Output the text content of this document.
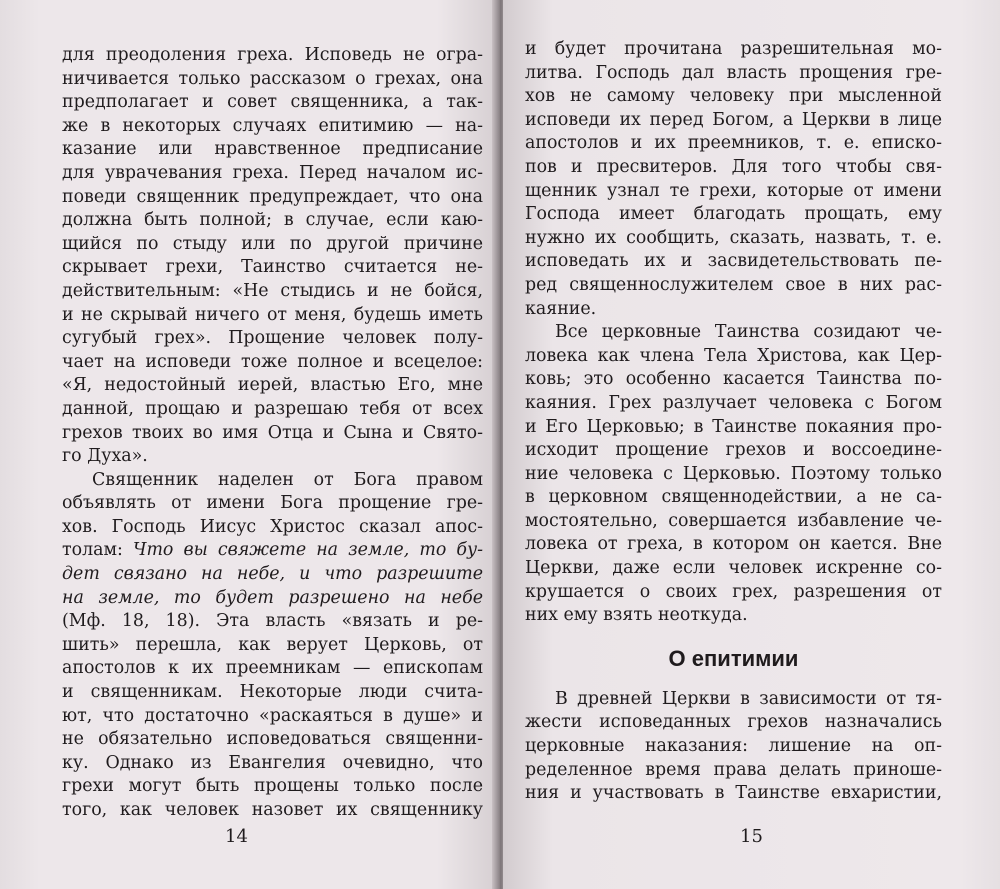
для преодоления греха. Исповедь не огра-

ничивается только рассказом о грехах, она

предполагает и совет священника, а так-

же в некоторых случаях епитимию — на-

казание или нравственное предписание

для уврачевания греха. Перед началом ис-

поведи священник предупреждает, что она

должна быть полной; в случае, если каю-

щийся по стыду или по другой причине

скрывает грехи, Таинство считается не-

действительным: «Не стыдись и не бойся,

и не скрывай ничего от меня, будешь иметь

сугубый грех». Прощение человек полу-

чает на исповеди тоже полное и всецелое:

«Я, недостойный иерей, властью Его, мне

данной, прощаю и разрешаю тебя от всех

грехов твоих во имя Отца и Сына и Свято-

го Духа».

Священник наделен от Бога правом

объявлять от имени Бога прощение гре-

хов. Господь Иисус Христос сказал апос-

толам: Что вы свяжете на земле, то бу-

дет связано на небе, и что разрешите

на земле, то будет разрешено на небе

(Мф. 18, 18). Эта власть «вязать и ре-

шить» перешла, как верует Церковь, от

апостолов к их преемникам — епископам

и священникам. Некоторые люди счита-

ют, что достаточно «раскаяться в душе» и

не обязательно исповедоваться священни-

ку. Однако из Евангелия очевидно, что

грехи могут быть прощены только после

того, как человек назовет их священнику

14

и будет прочитана разрешительная мо-

литва. Господь дал власть прощения гре-

хов не самому человеку при мысленной

исповеди их перед Богом, а Церкви в лице

апостолов и их преемников, т. е. еписко-

пов и пресвитеров. Для того чтобы свя-

щенник узнал те грехи, которые от имени

Господа имеет благодать прощать, ему

нужно их сообщить, сказать, назвать, т. е.

исповедать их и засвидетельствовать пе-

ред священнослужителем свое в них рас-

каяние.

Все церковные Таинства созидают че-

ловека как члена Тела Христова, как Цер-

ковь; это особенно касается Таинства по-

каяния. Грех разлучает человека с Богом

и Его Церковью; в Таинстве покаяния про-

исходит прощение грехов и воссоедине-

ние человека с Церковью. Поэтому только

в церковном священнодействии, а не са-

мостоятельно, совершается избавление че-

ловека от греха, в котором он кается. Вне

Церкви, даже если человек искренне со-

крушается о своих грех, разрешения от

них ему взять неоткуда.

О епитимии

В древней Церкви в зависимости от тя-

жести исповеданных грехов назначались

церковные наказания: лишение на оп-

ределенное время права делать приноше-

ния и участвовать в Таинстве евхаристии,

15
